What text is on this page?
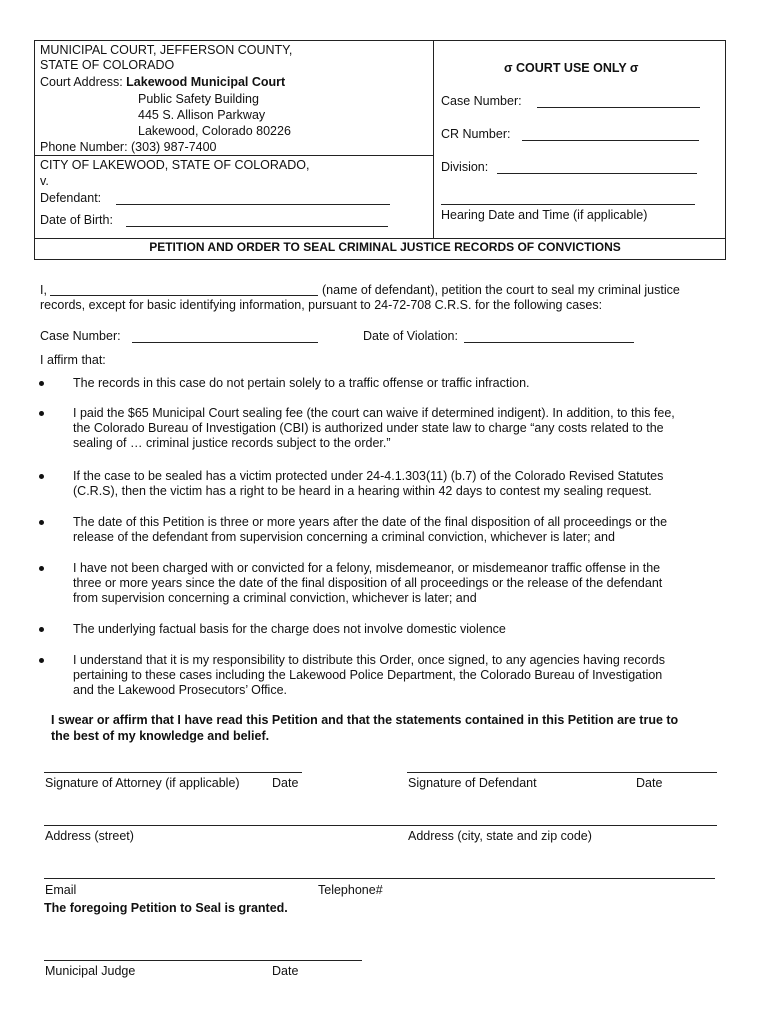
MUNICIPAL COURT, JEFFERSON COUNTY,
STATE OF COLORADO
Court Address: Lakewood Municipal Court
Public Safety Building
445 S. Allison Parkway
Lakewood, Colorado 80226
Phone Number: (303) 987-7400
CITY OF LAKEWOOD, STATE OF COLORADO,
v.
Defendant:
Date of Birth:
σ COURT USE ONLY σ
Case Number:
CR Number:
Division:
Hearing Date and Time (if applicable)
PETITION AND ORDER TO SEAL CRIMINAL JUSTICE RECORDS OF CONVICTIONS
I,	(name of defendant), petition the court to seal my criminal justice
records, except for basic identifying information, pursuant to 24-72-708 C.R.S. for the following cases:
Case Number:	Date of Violation:
I affirm that:
The records in this case do not pertain solely to a traffic offense or traffic infraction.
I paid the $65 Municipal Court sealing fee (the court can waive if determined indigent). In addition, to this fee,
the Colorado Bureau of Investigation (CBI) is authorized under state law to charge “any costs related to the
sealing of … criminal justice records subject to the order.”
If the case to be sealed has a victim protected under 24-4.1.303(11) (b.7) of the Colorado Revised Statutes
(C.R.S), then the victim has a right to be heard in a hearing within 42 days to contest my sealing request.
The date of this Petition is three or more years after the date of the final disposition of all proceedings or the
release of the defendant from supervision concerning a criminal conviction, whichever is later; and
I have not been charged with or convicted for a felony, misdemeanor, or misdemeanor traffic offense in the
three or more years since the date of the final disposition of all proceedings or the release of the defendant
from supervision concerning a criminal conviction, whichever is later; and
The underlying factual basis for the charge does not involve domestic violence
I understand that it is my responsibility to distribute this Order, once signed, to any agencies having records
pertaining to these cases including the Lakewood Police Department, the Colorado Bureau of Investigation
and the Lakewood Prosecutors’ Office.
I swear or affirm that I have read this Petition and that the statements contained in this Petition are true to
the best of my knowledge and belief.
Signature of Attorney (if applicable)	Date	Signature of Defendant	Date
Address (street)	Address (city, state and zip code)
Email	Telephone#
The foregoing Petition to Seal is granted.
Municipal Judge	Date
